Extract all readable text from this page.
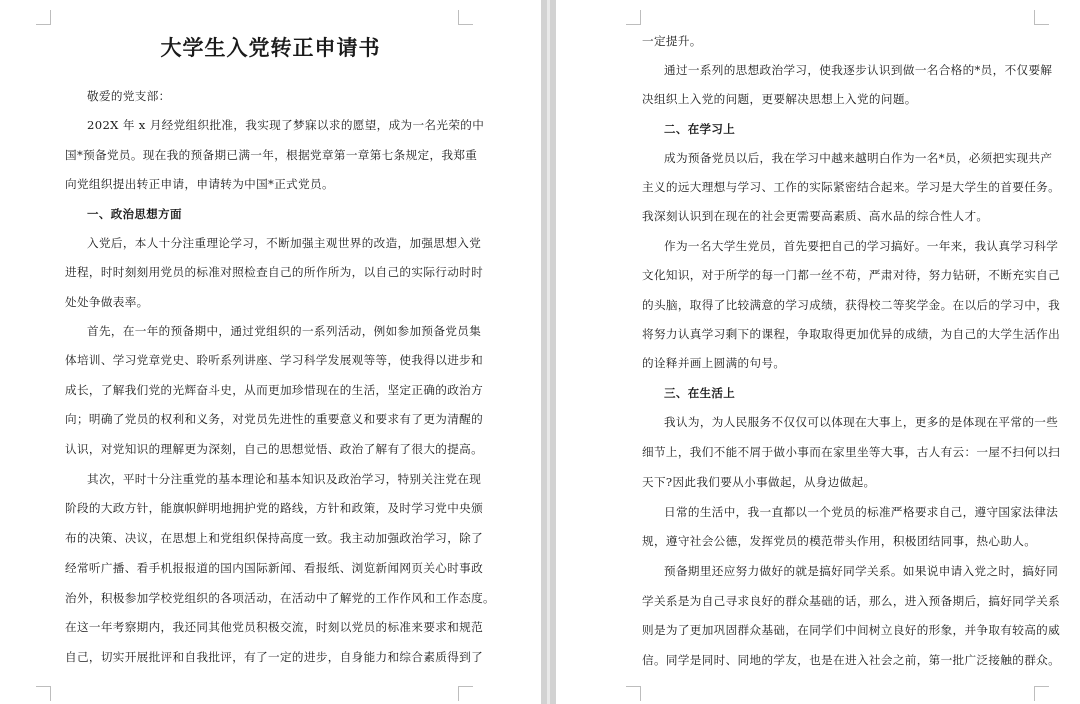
大学生入党转正申请书

敬爱的党支部：

202X 年 x 月经党组织批准，我实现了梦寐以求的愿望，成为一名光荣的中

国*预备党员。现在我的预备期已满一年，根据党章第一章第七条规定，我郑重

向党组织提出转正申请，申请转为中国*正式党员。

一、政治思想方面

入党后，本人十分注重理论学习，不断加强主观世界的改造，加强思想入党

进程，时时刻刻用党员的标准对照检查自己的所作所为，以自己的实际行动时时

处处争做表率。

首先，在一年的预备期中，通过党组织的一系列活动，例如参加预备党员集

体培训、学习党章党史、聆听系列讲座、学习科学发展观等等，使我得以进步和

成长，了解我们党的光辉奋斗史，从而更加珍惜现在的生活，坚定正确的政治方

向；明确了党员的权利和义务，对党员先进性的重要意义和要求有了更为清醒的

认识，对党知识的理解更为深刻，自己的思想觉悟、政治了解有了很大的提高。

其次，平时十分注重党的基本理论和基本知识及政治学习，特别关注党在现

阶段的大政方针，能旗帜鲜明地拥护党的路线，方针和政策，及时学习党中央颁

布的决策、决议，在思想上和党组织保持高度一致。我主动加强政治学习，除了

经常听广播、看手机报报道的国内国际新闻、看报纸、浏览新闻网页关心时事政

治外，积极参加学校党组织的各项活动，在活动中了解党的工作作风和工作态度。

在这一年考察期内，我还同其他党员积极交流，时刻以党员的标准来要求和规范

自己，切实开展批评和自我批评，有了一定的进步，自身能力和综合素质得到了

一定提升。

通过一系列的思想政治学习，使我逐步认识到做一名合格的*员，不仅要解

决组织上入党的问题，更要解决思想上入党的问题。

二、在学习上

成为预备党员以后，我在学习中越来越明白作为一名*员，必须把实现共产

主义的远大理想与学习、工作的实际紧密结合起来。学习是大学生的首要任务。

我深刻认识到在现在的社会更需要高素质、高水品的综合性人才。

作为一名大学生党员，首先要把自己的学习搞好。一年来，我认真学习科学

文化知识，对于所学的每一门都一丝不苟，严肃对待，努力钻研，不断充实自己

的头脑，取得了比较满意的学习成绩，获得校二等奖学金。在以后的学习中，我

将努力认真学习剩下的课程，争取取得更加优异的成绩，为自己的大学生活作出

的诠释并画上圆满的句号。

三、在生活上

我认为，为人民服务不仅仅可以体现在大事上，更多的是体现在平常的一些

细节上，我们不能不屑于做小事而在家里坐等大事，古人有云：一屋不扫何以扫

天下?因此我们要从小事做起，从身边做起。

日常的生活中，我一直都以一个党员的标准严格要求自己，遵守国家法律法

规，遵守社会公德，发挥党员的模范带头作用，积极团结同事，热心助人。

预备期里还应努力做好的就是搞好同学关系。如果说申请入党之时，搞好同

学关系是为自己寻求良好的群众基础的话，那么，进入预备期后，搞好同学关系

则是为了更加巩固群众基础，在同学们中间树立良好的形象，并争取有较高的威

信。同学是同时、同地的学友，也是在进入社会之前，第一批广泛接触的群众。
